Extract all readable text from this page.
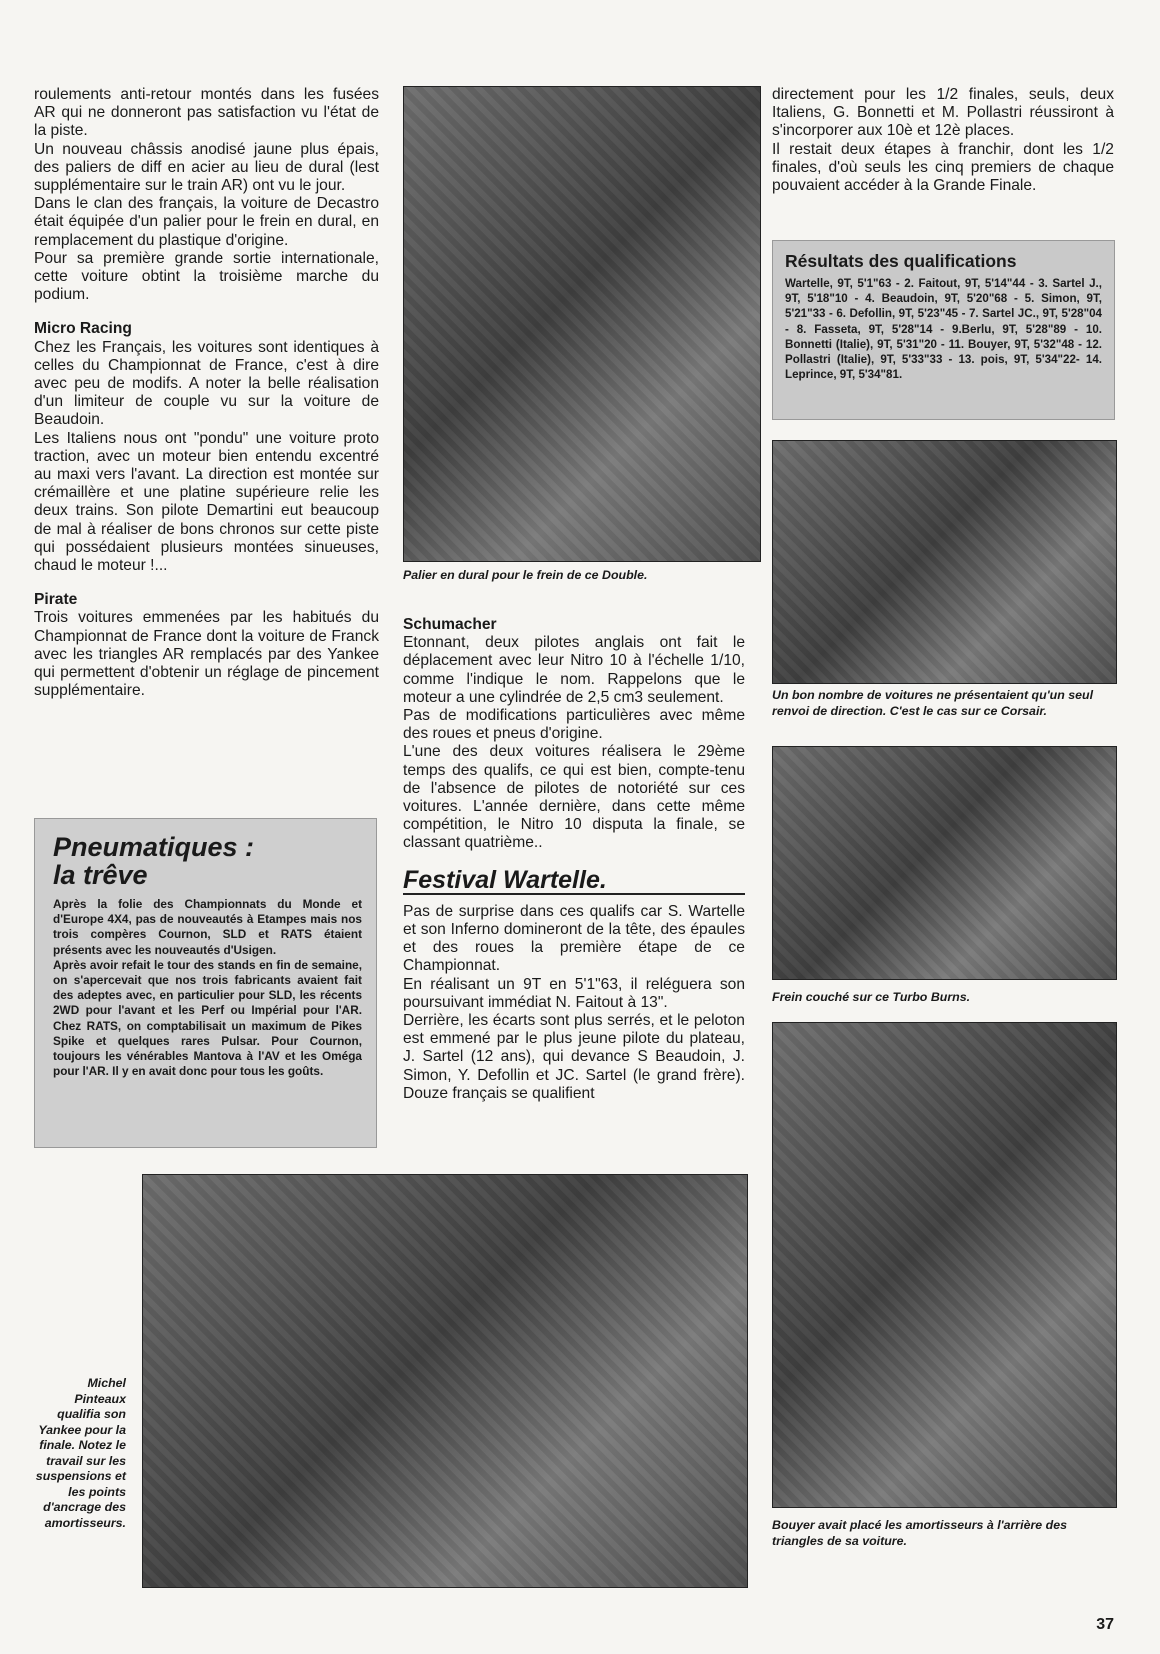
roulements anti-retour montés dans les fusées AR qui ne donneront pas satisfaction vu l'état de la piste.

Un nouveau châssis anodisé jaune plus épais, des paliers de diff en acier au lieu de dural (lest supplémentaire sur le train AR) ont vu le jour.

Dans le clan des français, la voiture de Decastro était équipée d'un palier pour le frein en dural, en remplacement du plastique d'origine.

Pour sa première grande sortie internationale, cette voiture obtint la troisième marche du podium.

Micro Racing

Chez les Français, les voitures sont identiques à celles du Championnat de France, c'est à dire avec peu de modifs. A noter la belle réalisation d'un limiteur de couple vu sur la voiture de Beaudoin.

Les Italiens nous ont "pondu" une voiture proto traction, avec un moteur bien entendu excentré au maxi vers l'avant. La direction est montée sur crémaillère et une platine supérieure relie les deux trains. Son pilote Demartini eut beaucoup de mal à réaliser de bons chronos sur cette piste qui possédaient plusieurs montées sinueuses, chaud le moteur !...

Pirate

Trois voitures emmenées par les habitués du Championnat de France dont la voiture de Franck avec les triangles AR remplacés par des Yankee qui permettent d'obtenir un réglage de pincement supplémentaire.

Pneumatiques :
la trêve

Après la folie des Championnats du Monde et d'Europe 4X4, pas de nouveautés à Etampes mais nos trois compères Cournon, SLD et RATS étaient présents avec les nouveautés d'Usigen.

Après avoir refait le tour des stands en fin de semaine, on s'apercevait que nos trois fabricants avaient fait des adeptes avec, en particulier pour SLD, les récents 2WD pour l'avant et les Perf ou Impérial pour l'AR. Chez RATS, on comptabilisait un maximum de Pikes Spike et quelques rares Pulsar. Pour Cournon, toujours les vénérables Mantova à l'AV et les Oméga pour l'AR. Il y en avait donc pour tous les goûts.

Palier en dural pour le frein de ce Double.
Schumacher

Etonnant, deux pilotes anglais ont fait le déplacement avec leur Nitro 10 à l'échelle 1/10, comme l'indique le nom. Rappelons que le moteur a une cylindrée de 2,5 cm3 seulement.

Pas de modifications particulières avec même des roues et pneus d'origine.

L'une des deux voitures réalisera le 29ème temps des qualifs, ce qui est bien, compte-tenu de l'absence de pilotes de notoriété sur ces voitures. L'année dernière, dans cette même compétition, le Nitro 10 disputa la finale, se classant quatrième..

Festival Wartelle.

Pas de surprise dans ces qualifs car S. Wartelle et son Inferno domineront de la tête, des épaules et des roues la première étape de ce Championnat.

En réalisant un 9T en 5'1"63, il reléguera son poursuivant immédiat N. Faitout à 13".

Derrière, les écarts sont plus serrés, et le peloton est emmené par le plus jeune pilote du plateau, J. Sartel (12 ans), qui devance S Beaudoin, J. Simon, Y. Defollin et JC. Sartel (le grand frère). Douze français se qualifient

directement pour les 1/2 finales, seuls, deux Italiens, G. Bonnetti et M. Pollastri réussiront à s'incorporer aux 10è et 12è places.

Il restait deux étapes à franchir, dont les 1/2 finales, d'où seuls les cinq premiers de chaque pouvaient accéder à la Grande Finale.

Résultats des qualifications

Wartelle, 9T, 5'1"63 - 2. Faitout, 9T, 5'14"44 - 3. Sartel J., 9T, 5'18"10 - 4. Beaudoin, 9T, 5'20"68 - 5. Simon, 9T, 5'21"33 - 6. Defollin, 9T, 5'23"45 - 7. Sartel JC., 9T, 5'28"04 - 8. Fasseta, 9T, 5'28"14 - 9.Berlu, 9T, 5'28"89 - 10. Bonnetti (Italie), 9T, 5'31"20 - 11. Bouyer, 9T, 5'32"48 - 12. Pollastri (Italie), 9T, 5'33"33 - 13. pois, 9T, 5'34"22- 14. Leprince, 9T, 5'34"81.

Un bon nombre de voitures ne présentaient qu'un seul renvoi de direction. C'est le cas sur ce Corsair.
Frein couché sur ce Turbo Burns.
Bouyer avait placé les amortisseurs à l'arrière des triangles de sa voiture.
Michel Pinteaux qualifia son Yankee pour la finale. Notez le travail sur les suspensions et les points d'ancrage des amortisseurs.
37
